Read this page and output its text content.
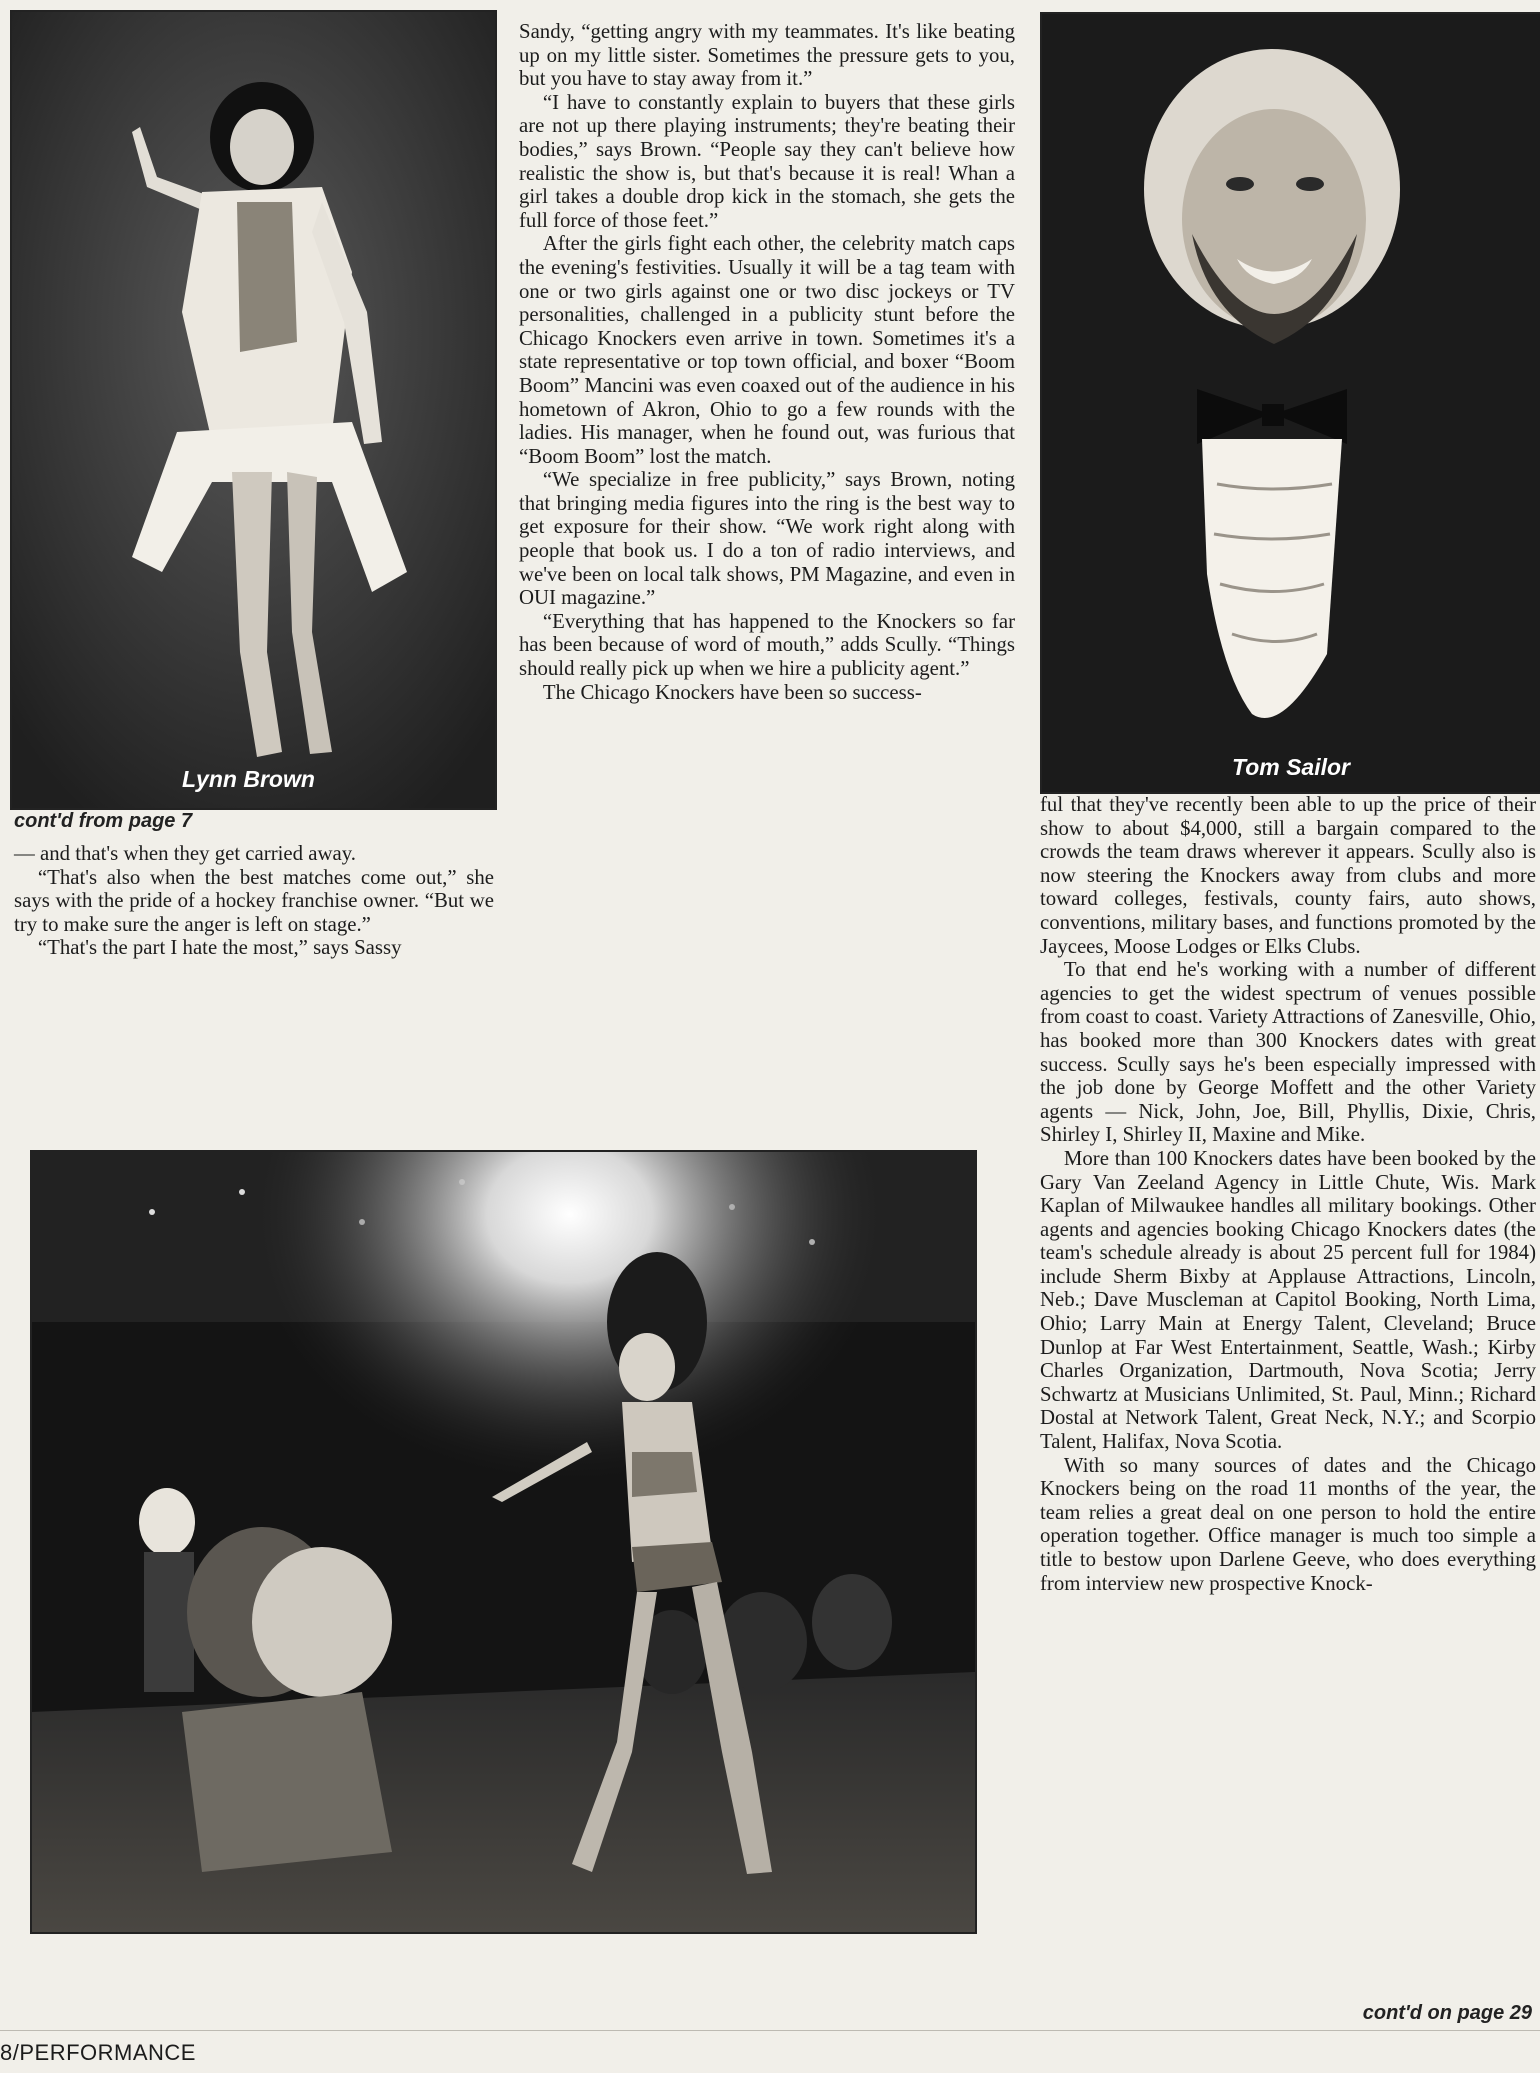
Lynn Brown
cont'd from page 7

— and that's when they get carried away.

“That's also when the best matches come out,” she says with the pride of a hockey franchise owner. “But we try to make sure the anger is left on stage.”

“That's the part I hate the most,” says Sassy

Sandy, “getting angry with my teammates. It's like beating up on my little sister. Sometimes the pressure gets to you, but you have to stay away from it.”

“I have to constantly explain to buyers that these girls are not up there playing instruments; they're beating their bodies,” says Brown. “People say they can't believe how realistic the show is, but that's because it is real! Whan a girl takes a double drop kick in the stomach, she gets the full force of those feet.”

After the girls fight each other, the celebrity match caps the evening's festivities. Usually it will be a tag team with one or two girls against one or two disc jockeys or TV personalities, challenged in a publicity stunt before the Chicago Knockers even arrive in town. Sometimes it's a state representative or top town official, and boxer “Boom Boom” Mancini was even coaxed out of the audience in his hometown of Akron, Ohio to go a few rounds with the ladies. His manager, when he found out, was furious that “Boom Boom” lost the match.

“We specialize in free publicity,” says Brown, noting that bringing media figures into the ring is the best way to get exposure for their show. “We work right along with people that book us. I do a ton of radio interviews, and we've been on local talk shows, PM Magazine, and even in OUI magazine.”

“Everything that has happened to the Knockers so far has been because of word of mouth,” adds Scully. “Things should really pick up when we hire a publicity agent.”

The Chicago Knockers have been so success-

Tom Sailor

ful that they've recently been able to up the price of their show to about $4,000, still a bargain compared to the crowds the team draws wherever it appears. Scully also is now steering the Knockers away from clubs and more toward colleges, festivals, county fairs, auto shows, conventions, military bases, and functions promoted by the Jaycees, Moose Lodges or Elks Clubs.

To that end he's working with a number of different agencies to get the widest spectrum of venues possible from coast to coast. Variety Attractions of Zanesville, Ohio, has booked more than 300 Knockers dates with great success. Scully says he's been especially impressed with the job done by George Moffett and the other Variety agents — Nick, John, Joe, Bill, Phyllis, Dixie, Chris, Shirley I, Shirley II, Maxine and Mike.

More than 100 Knockers dates have been booked by the Gary Van Zeeland Agency in Little Chute, Wis. Mark Kaplan of Milwaukee handles all military bookings. Other agents and agencies booking Chicago Knockers dates (the team's schedule already is about 25 percent full for 1984) include Sherm Bixby at Applause Attractions, Lincoln, Neb.; Dave Muscleman at Capitol Booking, North Lima, Ohio; Larry Main at Energy Talent, Cleveland; Bruce Dunlop at Far West Entertainment, Seattle, Wash.; Kirby Charles Organization, Dartmouth, Nova Scotia; Jerry Schwartz at Musicians Unlimited, St. Paul, Minn.; Richard Dostal at Network Talent, Great Neck, N.Y.; and Scorpio Talent, Halifax, Nova Scotia.

With so many sources of dates and the Chicago Knockers being on the road 11 months of the year, the team relies a great deal on one person to hold the entire operation together. Office manager is much too simple a title to bestow upon Darlene Geeve, who does everything from interview new prospective Knock-

cont'd on page 29
8/PERFORMANCE
